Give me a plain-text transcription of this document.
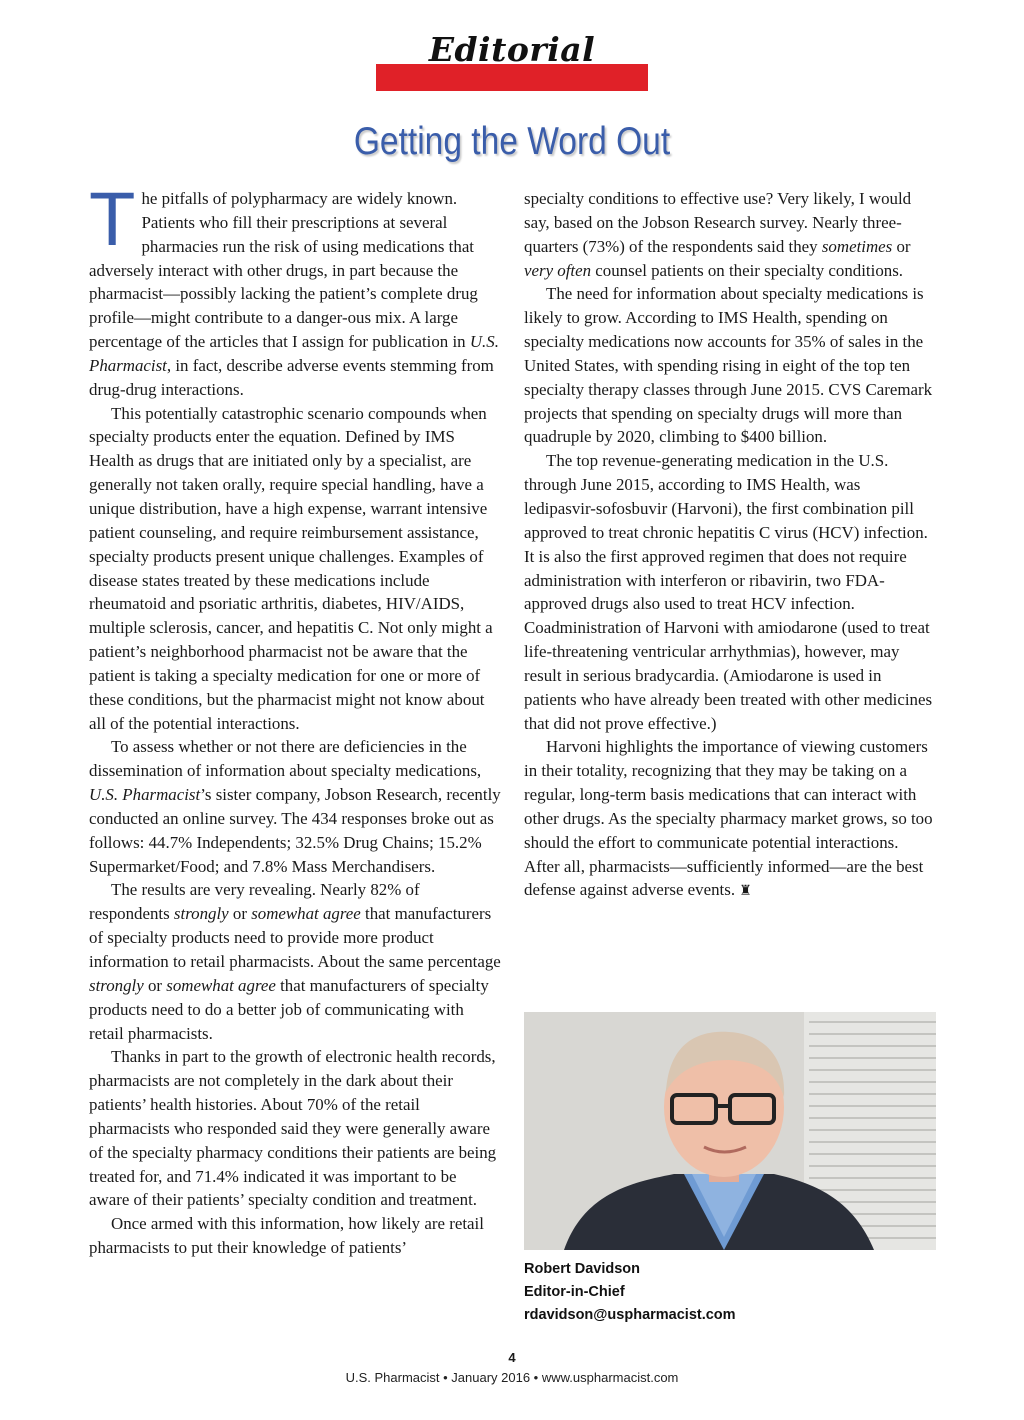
Editorial
Getting the Word Out

The pitfalls of polypharmacy are widely known. Patients who fill their prescriptions at several pharmacies run the risk of using medications that adversely interact with other drugs, in part because the pharmacist—possibly lacking the patient’s complete drug profile—might contribute to a danger-ous mix. A large percentage of the articles that I assign for publication in U.S. Pharmacist, in fact, describe adverse events stemming from drug-drug interactions.

This potentially catastrophic scenario compounds when specialty products enter the equation. Defined by IMS Health as drugs that are initiated only by a specialist, are generally not taken orally, require special handling, have a unique distribution, have a high expense, warrant intensive patient counseling, and require reimbursement assistance, specialty products present unique challenges. Examples of disease states treated by these medications include rheumatoid and psoriatic arthritis, diabetes, HIV/AIDS, multiple sclerosis, cancer, and hepatitis C. Not only might a patient’s neighborhood pharmacist not be aware that the patient is taking a specialty medication for one or more of these conditions, but the pharmacist might not know about all of the potential interactions.

To assess whether or not there are deficiencies in the dissemination of information about specialty medications, U.S. Pharmacist’s sister company, Jobson Research, recently conducted an online survey. The 434 responses broke out as follows: 44.7% Independents; 32.5% Drug Chains; 15.2% Supermarket/Food; and 7.8% Mass Merchandisers.

The results are very revealing. Nearly 82% of respondents strongly or somewhat agree that manufacturers of specialty products need to provide more product information to retail pharmacists. About the same percentage strongly or somewhat agree that manufacturers of specialty products need to do a better job of communicating with retail pharmacists.

Thanks in part to the growth of electronic health records, pharmacists are not completely in the dark about their patients’ health histories. About 70% of the retail pharmacists who responded said they were generally aware of the specialty pharmacy conditions their patients are being treated for, and 71.4% indicated it was important to be aware of their patients’ specialty condition and treatment.

Once armed with this information, how likely are retail pharmacists to put their knowledge of patients’

specialty conditions to effective use? Very likely, I would say, based on the Jobson Research survey. Nearly three-quarters (73%) of the respondents said they sometimes or very often counsel patients on their specialty conditions.

The need for information about specialty medications is likely to grow. According to IMS Health, spending on specialty medications now accounts for 35% of sales in the United States, with spending rising in eight of the top ten specialty therapy classes through June 2015. CVS Caremark projects that spending on specialty drugs will more than quadruple by 2020, climbing to $400 billion.

The top revenue-generating medication in the U.S. through June 2015, according to IMS Health, was ledipasvir-sofosbuvir (Harvoni), the first combination pill approved to treat chronic hepatitis C virus (HCV) infection. It is also the first approved regimen that does not require administration with interferon or ribavirin, two FDA-approved drugs also used to treat HCV infection. Coadministration of Harvoni with amiodarone (used to treat life-threatening ventricular arrhythmias), however, may result in serious bradycardia. (Amiodarone is used in patients who have already been treated with other medicines that did not prove effective.)

Harvoni highlights the importance of viewing customers in their totality, recognizing that they may be taking on a regular, long-term basis medications that can interact with other drugs. As the specialty pharmacy market grows, so too should the effort to communicate potential interactions. After all, pharmacists—sufficiently informed—are the best defense against adverse events. ♜

Robert Davidson
Editor-in-Chief
rdavidson@uspharmacist.com
4
U.S. Pharmacist • January 2016 • www.uspharmacist.com
